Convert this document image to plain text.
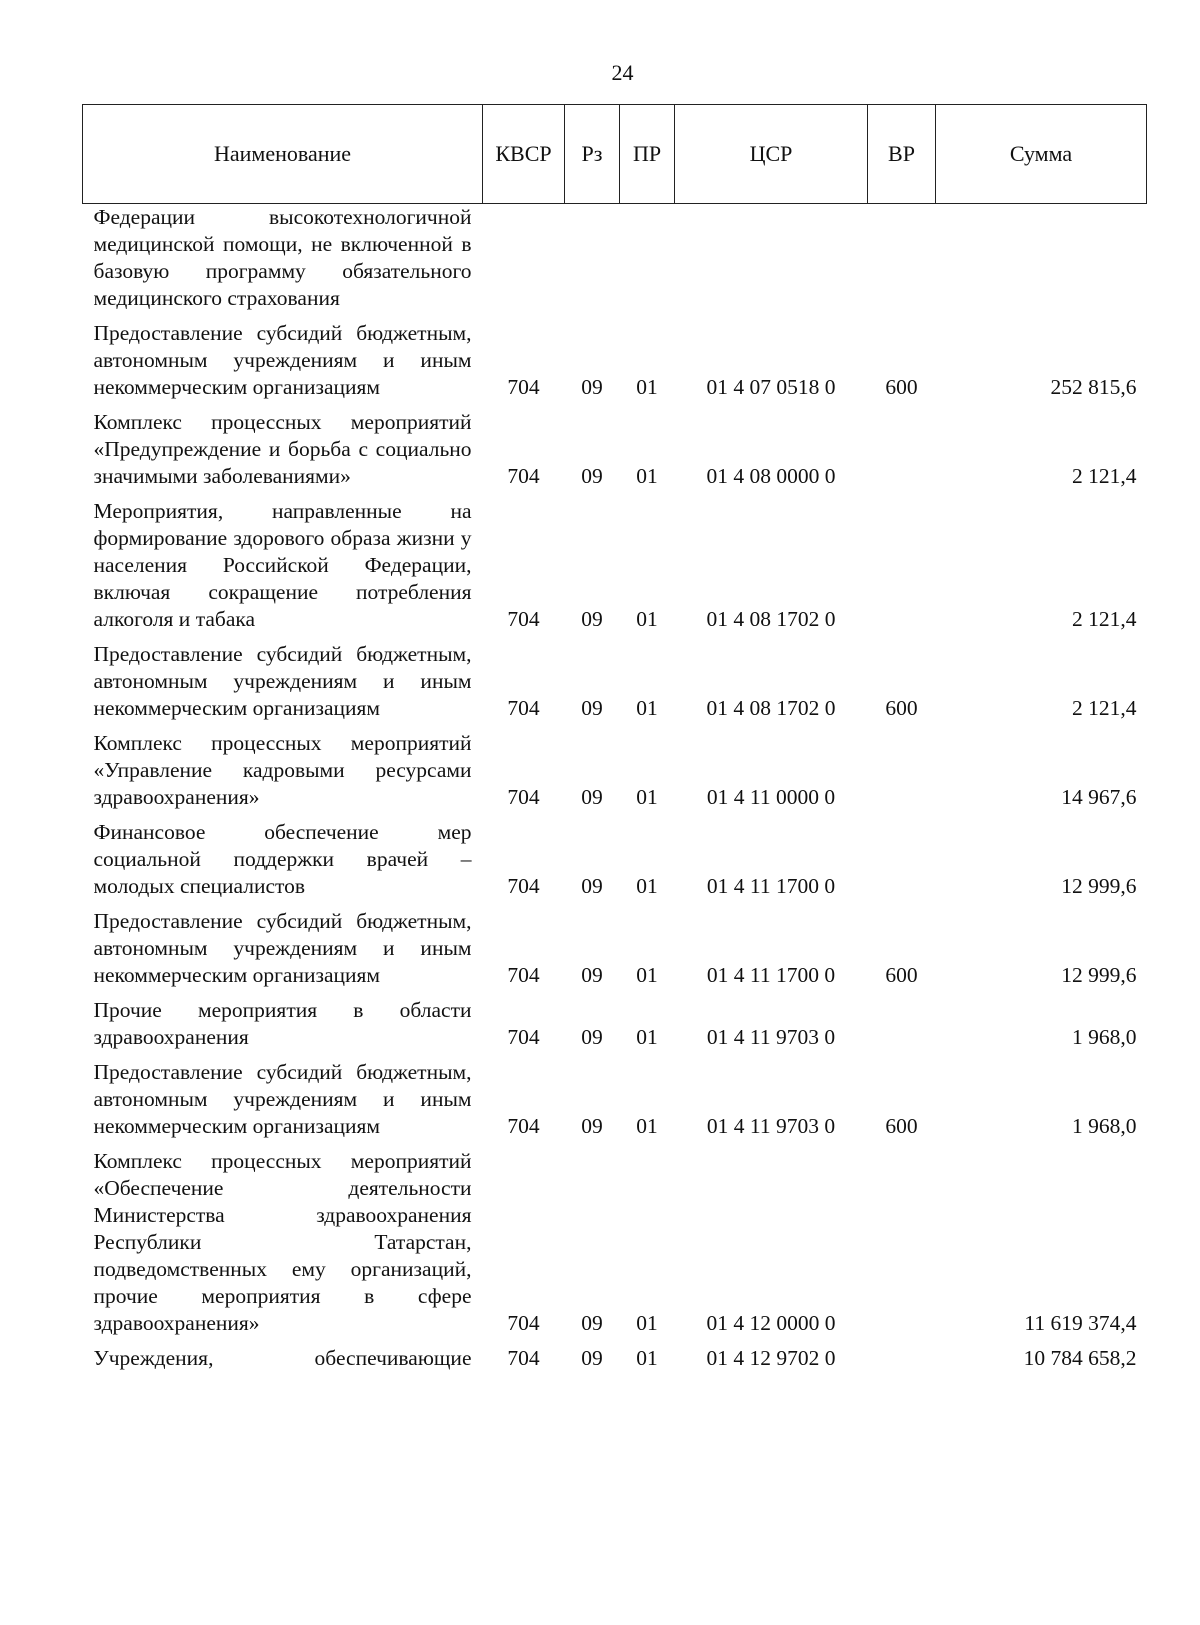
24
Наименование	КВСР	Рз	ПР	ЦСР	ВР	Сумма
Федерации высокотехнологичной медицинской помощи, не включенной в базовую программу обязательного медицинского страхования						
Предоставление субсидий бюджетным, автономным учреждениям и иным некоммерческим организациям	704	09	01	01 4 07 0518 0	600	252 815,6
Комплекс процессных мероприятий «Предупреждение и борьба с социально значимыми заболеваниями»	704	09	01	01 4 08 0000 0		2 121,4
Мероприятия, направленные на формирование здорового образа жизни у населения Российской Федерации, включая сокращение потребления алкоголя и табака	704	09	01	01 4 08 1702 0		2 121,4
Предоставление субсидий бюджетным, автономным учреждениям и иным некоммерческим организациям	704	09	01	01 4 08 1702 0	600	2 121,4
Комплекс процессных мероприятий «Управление кадровыми ресурсами здравоохранения»	704	09	01	01 4 11 0000 0		14 967,6
Финансовое обеспечение мер социальной поддержки врачей – молодых специалистов	704	09	01	01 4 11 1700 0		12 999,6
Предоставление субсидий бюджетным, автономным учреждениям и иным некоммерческим организациям	704	09	01	01 4 11 1700 0	600	12 999,6
Прочие мероприятия в области здравоохранения	704	09	01	01 4 11 9703 0		1 968,0
Предоставление субсидий бюджетным, автономным учреждениям и иным некоммерческим организациям	704	09	01	01 4 11 9703 0	600	1 968,0
Комплекс процессных мероприятий «Обеспечение деятельности Министерства здравоохранения Республики Татарстан, подведомственных ему организаций, прочие мероприятия в сфере здравоохранения»	704	09	01	01 4 12 0000 0		11 619 374,4
Учреждения, обеспечивающие	704	09	01	01 4 12 9702 0		10 784 658,2
